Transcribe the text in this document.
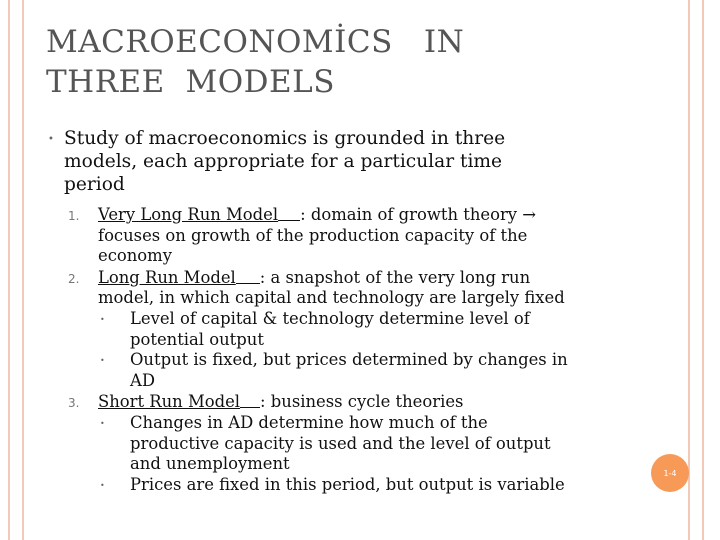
MACROECONOMİCS   IN
THREE  MODELS
• Study of macroeconomics is grounded in three models, each appropriate for a particular time period
1. Very Long Run Model : domain of growth theory → focuses on growth of the production capacity of the economy
2. Long Run Model : a snapshot of the very long run model, in which capital and technology are largely fixed
• Level of capital & technology determine level of potential output
• Output is fixed, but prices determined by changes in AD
3. Short Run Model : business cycle theories
• Changes in AD determine how much of the productive capacity is used and the level of output and unemployment
• Prices are fixed in this period, but output is variable
1-4
